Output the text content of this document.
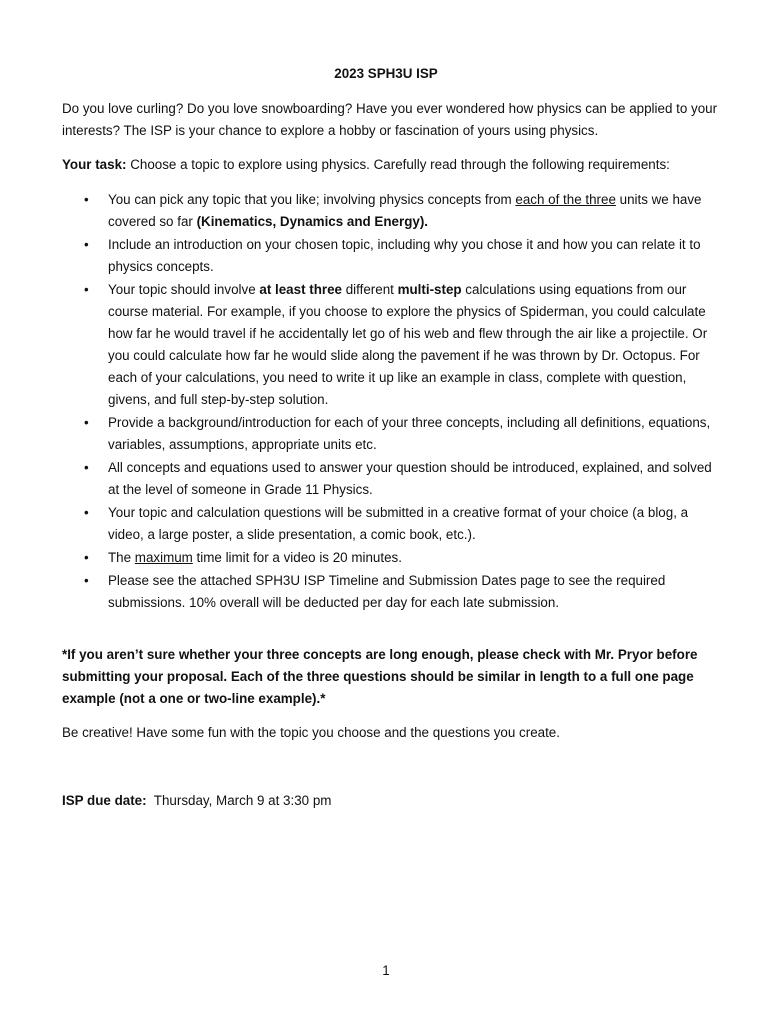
2023 SPH3U ISP
Do you love curling? Do you love snowboarding? Have you ever wondered how physics can be applied to your interests? The ISP is your chance to explore a hobby or fascination of yours using physics.
Your task: Choose a topic to explore using physics. Carefully read through the following requirements:
• You can pick any topic that you like; involving physics concepts from each of the three units we have covered so far (Kinematics, Dynamics and Energy).
• Include an introduction on your chosen topic, including why you chose it and how you can relate it to physics concepts.
• Your topic should involve at least three different multi-step calculations using equations from our course material. For example, if you choose to explore the physics of Spiderman, you could calculate how far he would travel if he accidentally let go of his web and flew through the air like a projectile. Or you could calculate how far he would slide along the pavement if he was thrown by Dr. Octopus. For each of your calculations, you need to write it up like an example in class, complete with question, givens, and full step-by-step solution.
• Provide a background/introduction for each of your three concepts, including all definitions, equations, variables, assumptions, appropriate units etc.
• All concepts and equations used to answer your question should be introduced, explained, and solved at the level of someone in Grade 11 Physics.
• Your topic and calculation questions will be submitted in a creative format of your choice (a blog, a video, a large poster, a slide presentation, a comic book, etc.).
• The maximum time limit for a video is 20 minutes.
• Please see the attached SPH3U ISP Timeline and Submission Dates page to see the required submissions. 10% overall will be deducted per day for each late submission.
*If you aren’t sure whether your three concepts are long enough, please check with Mr. Pryor before submitting your proposal. Each of the three questions should be similar in length to a full one page example (not a one or two-line example).*
Be creative! Have some fun with the topic you choose and the questions you create.
ISP due date:  Thursday, March 9 at 3:30 pm
1
